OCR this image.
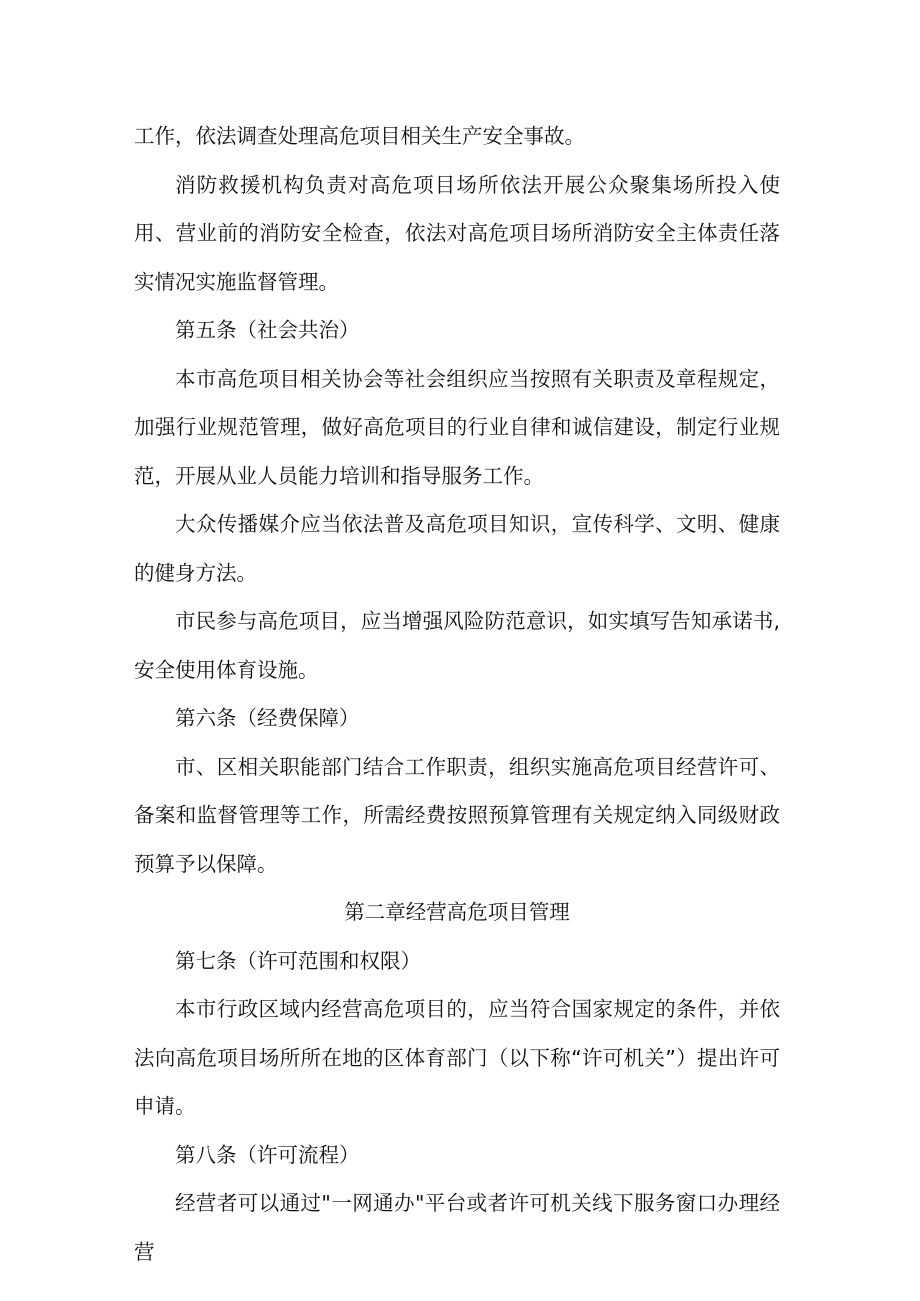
工作，依法调查处理高危项目相关生产安全事故。

消防救援机构负责对高危项目场所依法开展公众聚集场所投入使用、营业前的消防安全检查，依法对高危项目场所消防安全主体责任落实情况实施监督管理。

第五条（社会共治）

本市高危项目相关协会等社会组织应当按照有关职责及章程规定，加强行业规范管理，做好高危项目的行业自律和诚信建设，制定行业规范，开展从业人员能力培训和指导服务工作。

大众传播媒介应当依法普及高危项目知识，宣传科学、文明、健康的健身方法。

市民参与高危项目，应当增强风险防范意识，如实填写告知承诺书,安全使用体育设施。

第六条（经费保障）

市、区相关职能部门结合工作职责，组织实施高危项目经营许可、备案和监督管理等工作，所需经费按照预算管理有关规定纳入同级财政预算予以保障。

第二章经营高危项目管理

第七条（许可范围和权限）

本市行政区域内经营高危项目的，应当符合国家规定的条件，并依法向高危项目场所所在地的区体育部门（以下称“许可机关”）提出许可申请。

第八条（许可流程）

经营者可以通过"一网通办"平台或者许可机关线下服务窗口办理经营
